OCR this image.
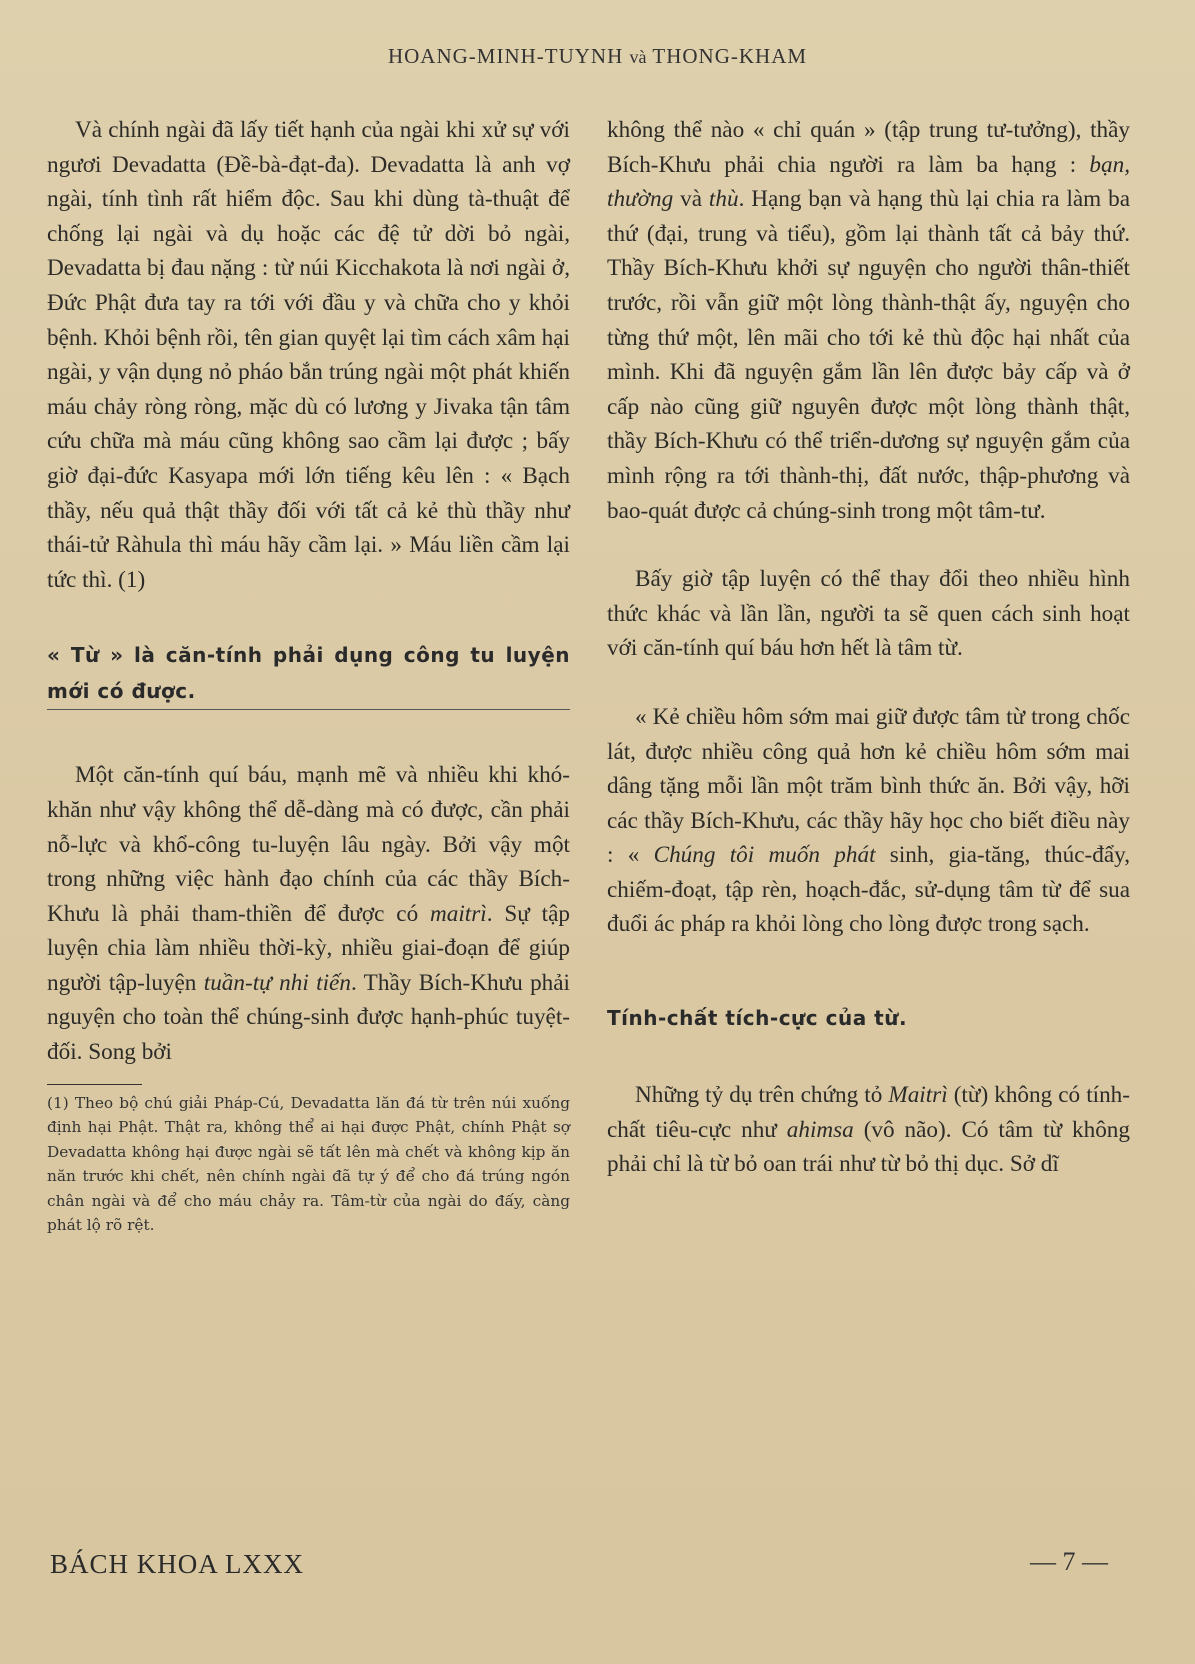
HOANG-MINH-TUYNH và THONG-KHAM

Và chính ngài đã lấy tiết hạnh của ngài khi xử sự với ngươi Devadatta (Đề-bà-đạt-đa). Devadatta là anh vợ ngài, tính tình rất hiểm độc. Sau khi dùng tà-thuật để chống lại ngài và dụ hoặc các đệ tử dời bỏ ngài, Devadatta bị đau nặng : từ núi Kicchakota là nơi ngài ở, Đức Phật đưa tay ra tới với đầu y và chữa cho y khỏi bệnh. Khỏi bệnh rồi, tên gian quyệt lại tìm cách xâm hại ngài, y vận dụng nỏ pháo bắn trúng ngài một phát khiến máu chảy ròng ròng, mặc dù có lương y Jivaka tận tâm cứu chữa mà máu cũng không sao cầm lại được ; bấy giờ đại-đức Kasyapa mới lớn tiếng kêu lên : « Bạch thầy, nếu quả thật thầy đối với tất cả kẻ thù thầy như thái-tử Ràhula thì máu hãy cầm lại. » Máu liền cầm lại tức thì. (1)

« Từ » là căn-tính phải dụng công tu luyện mới có được.

Một căn-tính quí báu, mạnh mẽ và nhiều khi khó-khăn như vậy không thể dễ-dàng mà có được, cần phải nỗ-lực và khổ-công tu-luyện lâu ngày. Bởi vậy một trong những việc hành đạo chính của các thầy Bích-Khưu là phải tham-thiền để được có maitrì. Sự tập luyện chia làm nhiều thời-kỳ, nhiều giai-đoạn để giúp người tập-luyện tuần-tự nhi tiến. Thầy Bích-Khưu phải nguyện cho toàn thể chúng-sinh được hạnh-phúc tuyệt-đối. Song bởi

(1) Theo bộ chú giải Pháp-Cú, Devadatta lăn đá từ trên núi xuống định hại Phật. Thật ra, không thể ai hại được Phật, chính Phật sợ Devadatta không hại được ngài sẽ tất lên mà chết và không kịp ăn năn trước khi chết, nên chính ngài đã tự ý để cho đá trúng ngón chân ngài và để cho máu chảy ra. Tâm-từ của ngài do đấy, càng phát lộ rõ rệt.

không thể nào « chỉ quán » (tập trung tư-tưởng), thầy Bích-Khưu phải chia người ra làm ba hạng : bạn, thường và thù. Hạng bạn và hạng thù lại chia ra làm ba thứ (đại, trung và tiểu), gồm lại thành tất cả bảy thứ. Thầy Bích-Khưu khởi sự nguyện cho người thân-thiết trước, rồi vẫn giữ một lòng thành-thật ấy, nguyện cho từng thứ một, lên mãi cho tới kẻ thù độc hại nhất của mình. Khi đã nguyện gắm lần lên được bảy cấp và ở cấp nào cũng giữ nguyên được một lòng thành thật, thầy Bích-Khưu có thể triển-dương sự nguyện gắm của mình rộng ra tới thành-thị, đất nước, thập-phương và bao-quát được cả chúng-sinh trong một tâm-tư.

Bấy giờ tập luyện có thể thay đổi theo nhiều hình thức khác và lần lần, người ta sẽ quen cách sinh hoạt với căn-tính quí báu hơn hết là tâm từ.

« Kẻ chiều hôm sớm mai giữ được tâm từ trong chốc lát, được nhiều công quả hơn kẻ chiều hôm sớm mai dâng tặng mỗi lần một trăm bình thức ăn. Bởi vậy, hỡi các thầy Bích-Khưu, các thầy hãy học cho biết điều này : « Chúng tôi muốn phát sinh, gia-tăng, thúc-đẩy, chiếm-đoạt, tập rèn, hoạch-đắc, sử-dụng tâm từ để sua đuổi ác pháp ra khỏi lòng cho lòng được trong sạch.

Tính-chất tích-cực của từ.

Những tỷ dụ trên chứng tỏ Maitrì (từ) không có tính-chất tiêu-cực như ahimsa (vô não). Có tâm từ không phải chỉ là từ bỏ oan trái như từ bỏ thị dục. Sở dĩ

BÁCH KHOA LXXX	— 7 —
